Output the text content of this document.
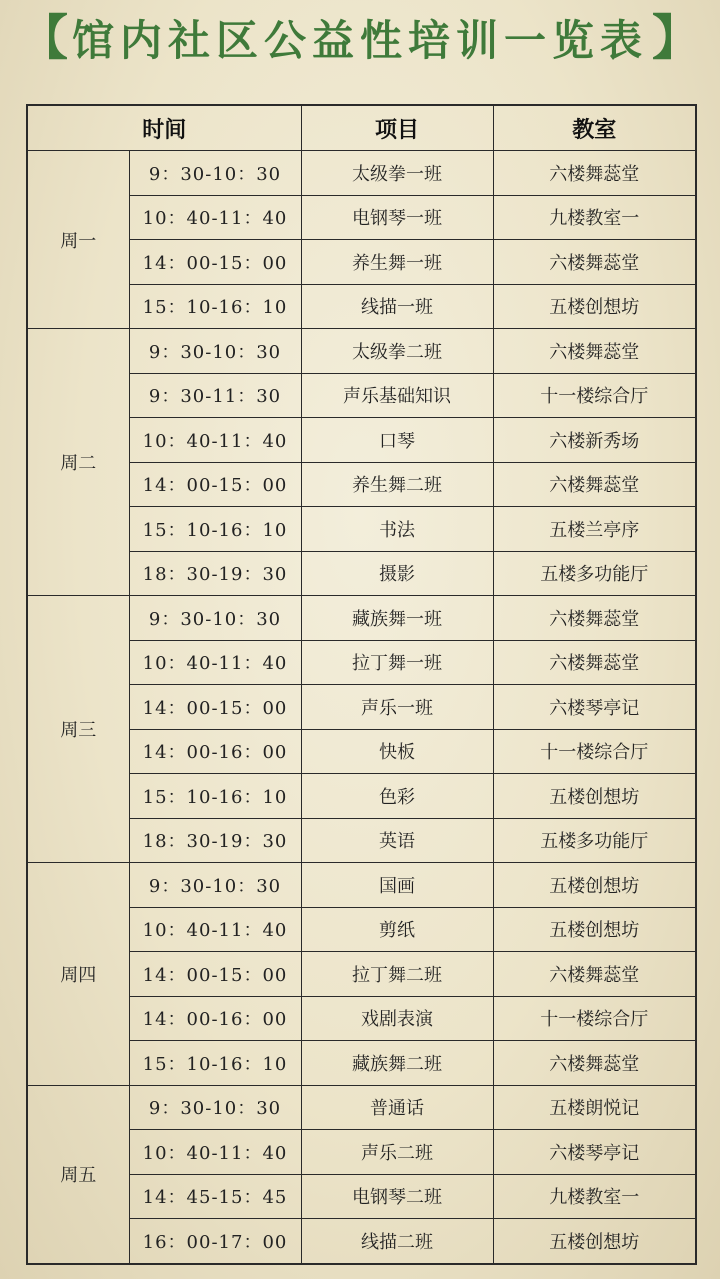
【 馆内社区公益性培训一览表 】
时间		项目	教室
周一	9：30-10：30	太级拳一班	六楼舞蕊堂
	10：40-11：40	电钢琴一班	九楼教室一
	14：00-15：00	养生舞一班	六楼舞蕊堂
	15：10-16：10	线描一班	五楼创想坊
周二	9：30-10：30	太级拳二班	六楼舞蕊堂
	9：30-11：30	声乐基础知识	十一楼综合厅
	10：40-11：40	口琴	六楼新秀场
	14：00-15：00	养生舞二班	六楼舞蕊堂
	15：10-16：10	书法	五楼兰亭序
	18：30-19：30	摄影	五楼多功能厅
周三	9：30-10：30	藏族舞一班	六楼舞蕊堂
	10：40-11：40	拉丁舞一班	六楼舞蕊堂
	14：00-15：00	声乐一班	六楼琴亭记
	14：00-16：00	快板	十一楼综合厅
	15：10-16：10	色彩	五楼创想坊
	18：30-19：30	英语	五楼多功能厅
周四	9：30-10：30	国画	五楼创想坊
	10：40-11：40	剪纸	五楼创想坊
	14：00-15：00	拉丁舞二班	六楼舞蕊堂
	14：00-16：00	戏剧表演	十一楼综合厅
	15：10-16：10	藏族舞二班	六楼舞蕊堂
周五	9：30-10：30	普通话	五楼朗悦记
	10：40-11：40	声乐二班	六楼琴亭记
	14：45-15：45	电钢琴二班	九楼教室一
	16：00-17：00	线描二班	五楼创想坊
